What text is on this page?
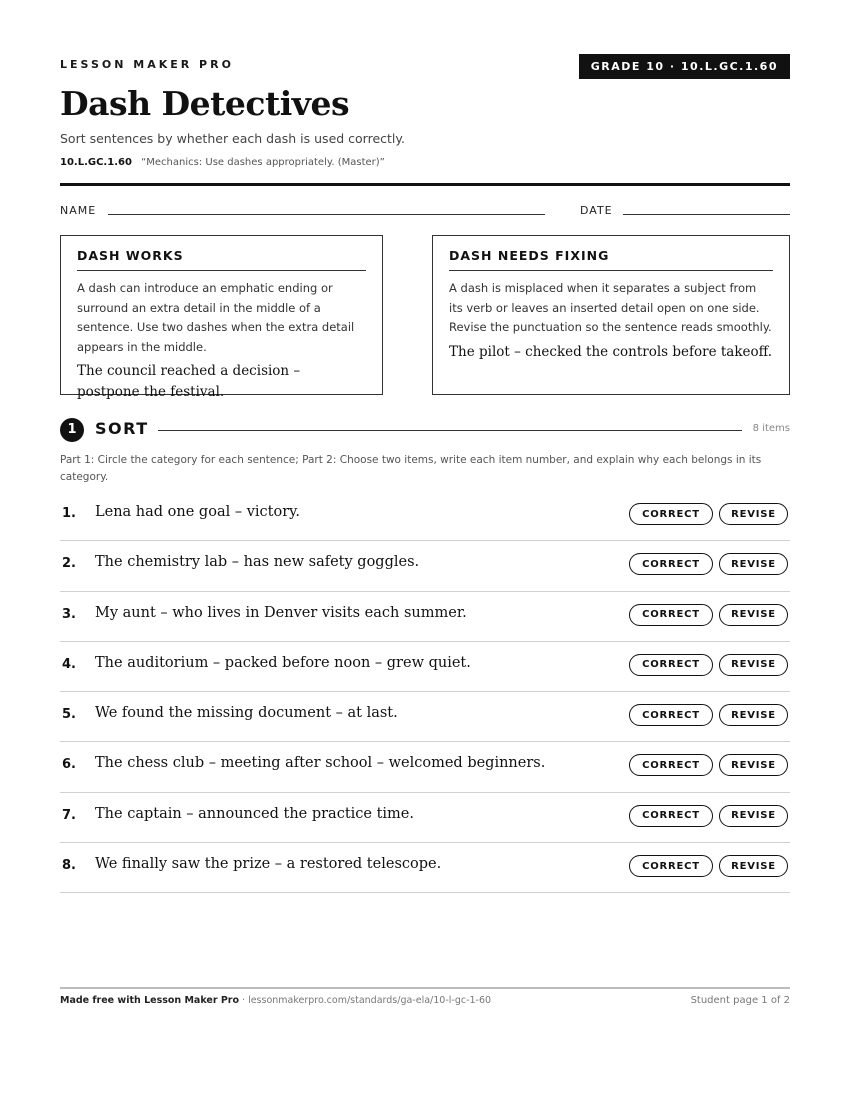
LESSON MAKER PRO	GRADE 10 · 10.L.GC.1.60
Dash Detectives
Sort sentences by whether each dash is used correctly.
10.L.GC.1.60 “Mechanics: Use dashes appropriately. (Master)”
NAME	DATE
DASH WORKS
A dash can introduce an emphatic ending or surround an extra detail in the middle of a sentence. Use two dashes when the extra detail appears in the middle.
The council reached a decision – postpone the festival.
DASH NEEDS FIXING
A dash is misplaced when it separates a subject from its verb or leaves an inserted detail open on one side. Revise the punctuation so the sentence reads smoothly.
The pilot – checked the controls before takeoff.
1	SORT	8 items
Part 1: Circle the category for each sentence; Part 2: Choose two items, write each item number, and explain why each belongs in its category.
1. Lena had one goal – victory.	CORRECT	REVISE
2. The chemistry lab – has new safety goggles.	CORRECT	REVISE
3. My aunt – who lives in Denver visits each summer.	CORRECT	REVISE
4. The auditorium – packed before noon – grew quiet.	CORRECT	REVISE
5. We found the missing document – at last.	CORRECT	REVISE
6. The chess club – meeting after school – welcomed beginners.	CORRECT	REVISE
7. The captain – announced the practice time.	CORRECT	REVISE
8. We finally saw the prize – a restored telescope.	CORRECT	REVISE
Made free with Lesson Maker Pro · lessonmakerpro.com/standards/ga-ela/10-l-gc-1-60	Student page 1 of 2
